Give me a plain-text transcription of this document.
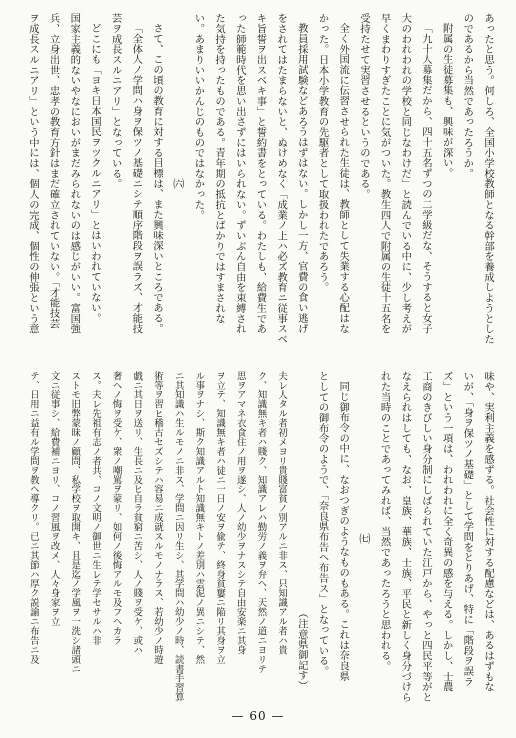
あったと思う。何しろ、全国小学校教師となる幹部を養成しようとした

のであるから当然であったろうか。

附属の生徒募集も、興味が深い。

「九十人募集だから、四十五名ずつの二学級だな、そうすると女子

大のわれわれの学校と同じなわけだ」と読んでいる中に、少し考えが

早くまわりすぎたことに気がついた。教生四人で附属の生徒十五名を

受持たせて実習させるというのである。

全く外国流に伝習させられた生徒は、教師として失業する心配はな

かった。日本小学教育の先駆者として取扱われたであろう。

教員採用試験などあろうはずはない。しかし一方、官費の食い逃げ

をされてはたまらないと、ぬけめなく「成業ノ上ハ必ズ教育ニ従事スベ

キ旨誓ヲ出スベキ事」と誓約書をとっている。わたしも、給費生であ

った師範時代を思い出さずにはいられない。ずいぶん自由を束縛され

た気持を持ったものである。青年期の抵抗とばかりではすまされな

い。あまりいいかんじのものではなかった。

㈥

さて、この頃の教育に対する目標は、また興味深いところである。

「全体人ノ学問ハ身ヲ保ツノ基礎ニシテ順序階段ヲ誤ラズ、才能技

芸ヲ成長スルニアリ」となっている。

どこにも「ヨキ日本国民ヲツクルニアリ」とはいわれていない。

国家主義的ないやなにおいがまだみられないのは感じがいい。富国強

兵、立身出世、忠孝の教育方針はまだ確立されていない。「才能技芸

ヲ成長スルニアリ」という中には、個人の完成、個性の伸張という意

味や、実利主義を感ずる。社会性に対する配慮などは、あるはずもな

いが、「身ヲ保ツノ基礎」として学問をとりあげ、特に「階段ヲ誤ラ

ズ」という一項は、われわれに全く奇異の感を与える。しかし、士農

工商のきびしい身分制にしばられていた江戸から、やっと四民平等がと

なえられはしても、なお、皇族、華族、士族、平民と新しく身分づけら

れた当時のことであってみれば、当然であったろうと思われる。

㈦

同じ御布令の中に、なおつぎのようなものもある。これは奈良県

としての御布令のようで、「奈良県布告ヘ布告ス」となっている。

（注意県御記す）

夫レ人タル者初メヨリ貴賤富貧ノ別アルニ非ス、只知識アル者ハ貴

ク、知識無キ者ハ賤ク、知識アレハ勤労ノ義ヲ弁ヘ、天然ノ道ニヨリテ

思ヲアマネ衣食住ノ用ヲ遂シ、人ノ幼少ヲナスシテ自由安楽ニ其身

ヲ立テ、知識無キ者ハ徒ニ一日ノ安ヲ偸テ、終身貧窶ニ陥リ其身ヲ立

ル事ヲナシ、斯ク知識アルト知識無キトノ差別ハ雲泥ノ異ニシテ、然

ニ其知識ハ生ルモノニ非ス、学問ニ因リ生シ、其学問ハ幼少ノ時、読書手習算

術等ヲ習ヒ稽古セズシテハ容易ニ成就スルモノナラス、若幼少ノ時遊

戯ニ其日ヲ送リ、生長ニ及ヒ自ラ貧窮ニ苦シ、人ノ賤ヲ受ケ、或ハ

奢ヘノ悔ヲ受ケ、衆ノ嘲罵ヲ蒙リ、如何ノ後悔アルモ及フヘカラ

ス。夫レ先祖有志ノ者共、コノ文明ノ御世ニ生レテ学セサルハ非

ストモ旧弊蒙昧ノ顧問、私学校ヲ取開キ、且是迄ノ学風ヲ一洗シ諸頭ニ

文ニ従事シ、給費補ニヨリ、コノ習風ヲ改メ、人々身家ヲ立

テ、日用ニ益有ル学問ヲ教ヘ導クリ。已ニ其節ハ厚ク説諭ニ布告ニ及

— 60 —
